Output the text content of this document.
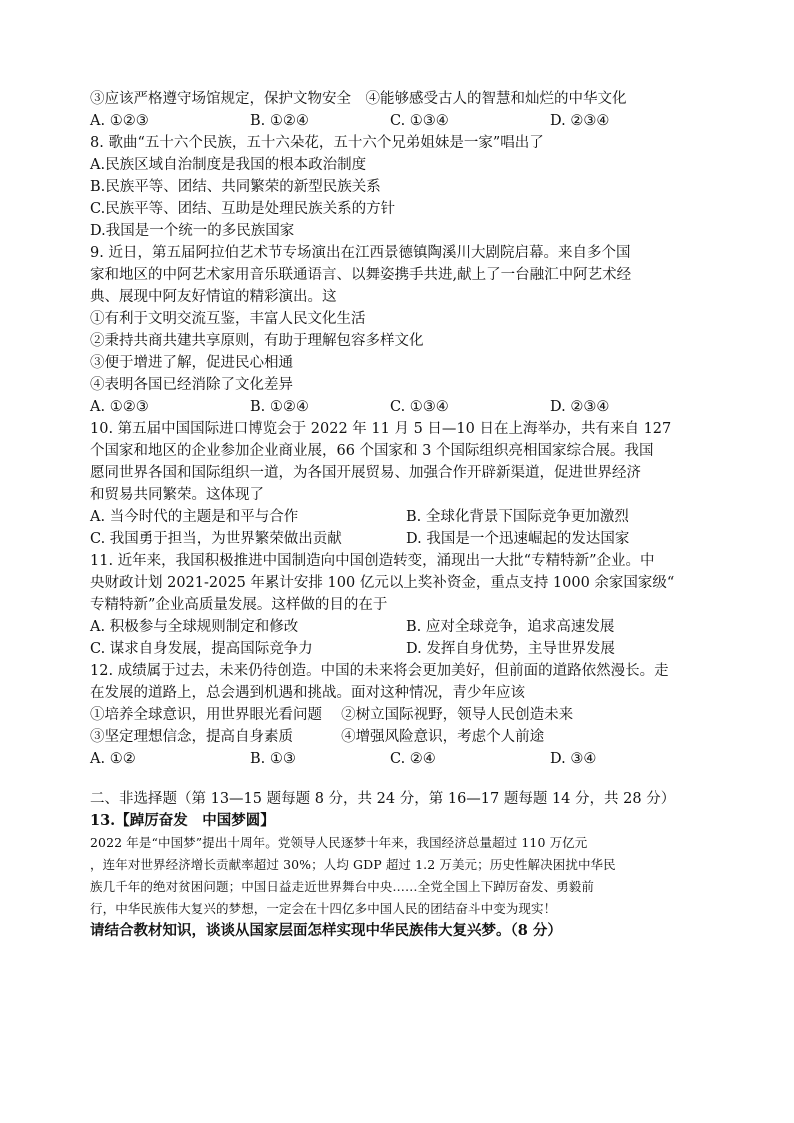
③应该严格遵守场馆规定，保护文物安全　④能够感受古人的智慧和灿烂的中华文化
A. ①②③	B. ①②④	C. ①③④	D. ②③④
8. 歌曲“五十六个民族，五十六朵花，五十六个兄弟姐妹是一家”唱出了
A.民族区域自治制度是我国的根本政治制度
B.民族平等、团结、共同繁荣的新型民族关系
C.民族平等、团结、互助是处理民族关系的方针
D.我国是一个统一的多民族国家
9. 近日，第五届阿拉伯艺术节专场演出在江西景德镇陶溪川大剧院启幕。来自多个国
家和地区的中阿艺术家用音乐联通语言、以舞姿携手共进,献上了一台融汇中阿艺术经
典、展现中阿友好情谊的精彩演出。这
①有利于文明交流互鉴，丰富人民文化生活
②秉持共商共建共享原则，有助于理解包容多样文化
③便于增进了解，促进民心相通
④表明各国已经消除了文化差异
A. ①②③	B. ①②④	C. ①③④	D. ②③④
10. 第五届中国国际进口博览会于 2022 年 11 月 5 日—10 日在上海举办，共有来自 127
个国家和地区的企业参加企业商业展，66 个国家和 3 个国际组织亮相国家综合展。我国
愿同世界各国和国际组织一道，为各国开展贸易、加强合作开辟新渠道，促进世界经济
和贸易共同繁荣。这体现了
A. 当今时代的主题是和平与合作	B. 全球化背景下国际竞争更加激烈
C. 我国勇于担当，为世界繁荣做出贡献	D. 我国是一个迅速崛起的发达国家
11. 近年来，我国积极推进中国制造向中国创造转变，涌现出一大批“专精特新”企业。中
央财政计划 2021-2025 年累计安排 100 亿元以上奖补资金，重点支持 1000 余家国家级“
专精特新”企业高质量发展。这样做的目的在于
A. 积极参与全球规则制定和修改	B. 应对全球竞争，追求高速发展
C. 谋求自身发展，提高国际竞争力	D. 发挥自身优势，主导世界发展
12. 成绩属于过去，未来仍待创造。中国的未来将会更加美好，但前面的道路依然漫长。走
在发展的道路上，总会遇到机遇和挑战。面对这种情况，青少年应该
①培养全球意识，用世界眼光看问题　 ②树立国际视野，领导人民创造未来
③坚定理想信念，提高自身素质　　　 ④增强风险意识，考虑个人前途
A. ①②	B. ①③	C. ②④	D. ③④
二、非选择题（第 13—15 题每题 8 分，共 24 分，第 16—17 题每题 14 分，共 28 分）
13.【踔厉奋发　中国梦圆】
2022 年是“中国梦”提出十周年。党领导人民逐梦十年来，我国经济总量超过 110 万亿元
，连年对世界经济增长贡献率超过 30%；人均 GDP 超过 1.2 万美元；历史性解决困扰中华民
族几千年的绝对贫困问题；中国日益走近世界舞台中央……全党全国上下踔厉奋发、勇毅前
行，中华民族伟大复兴的梦想，一定会在十四亿多中国人民的团结奋斗中变为现实！
请结合教材知识，谈谈从国家层面怎样实现中华民族伟大复兴梦。（8 分）
